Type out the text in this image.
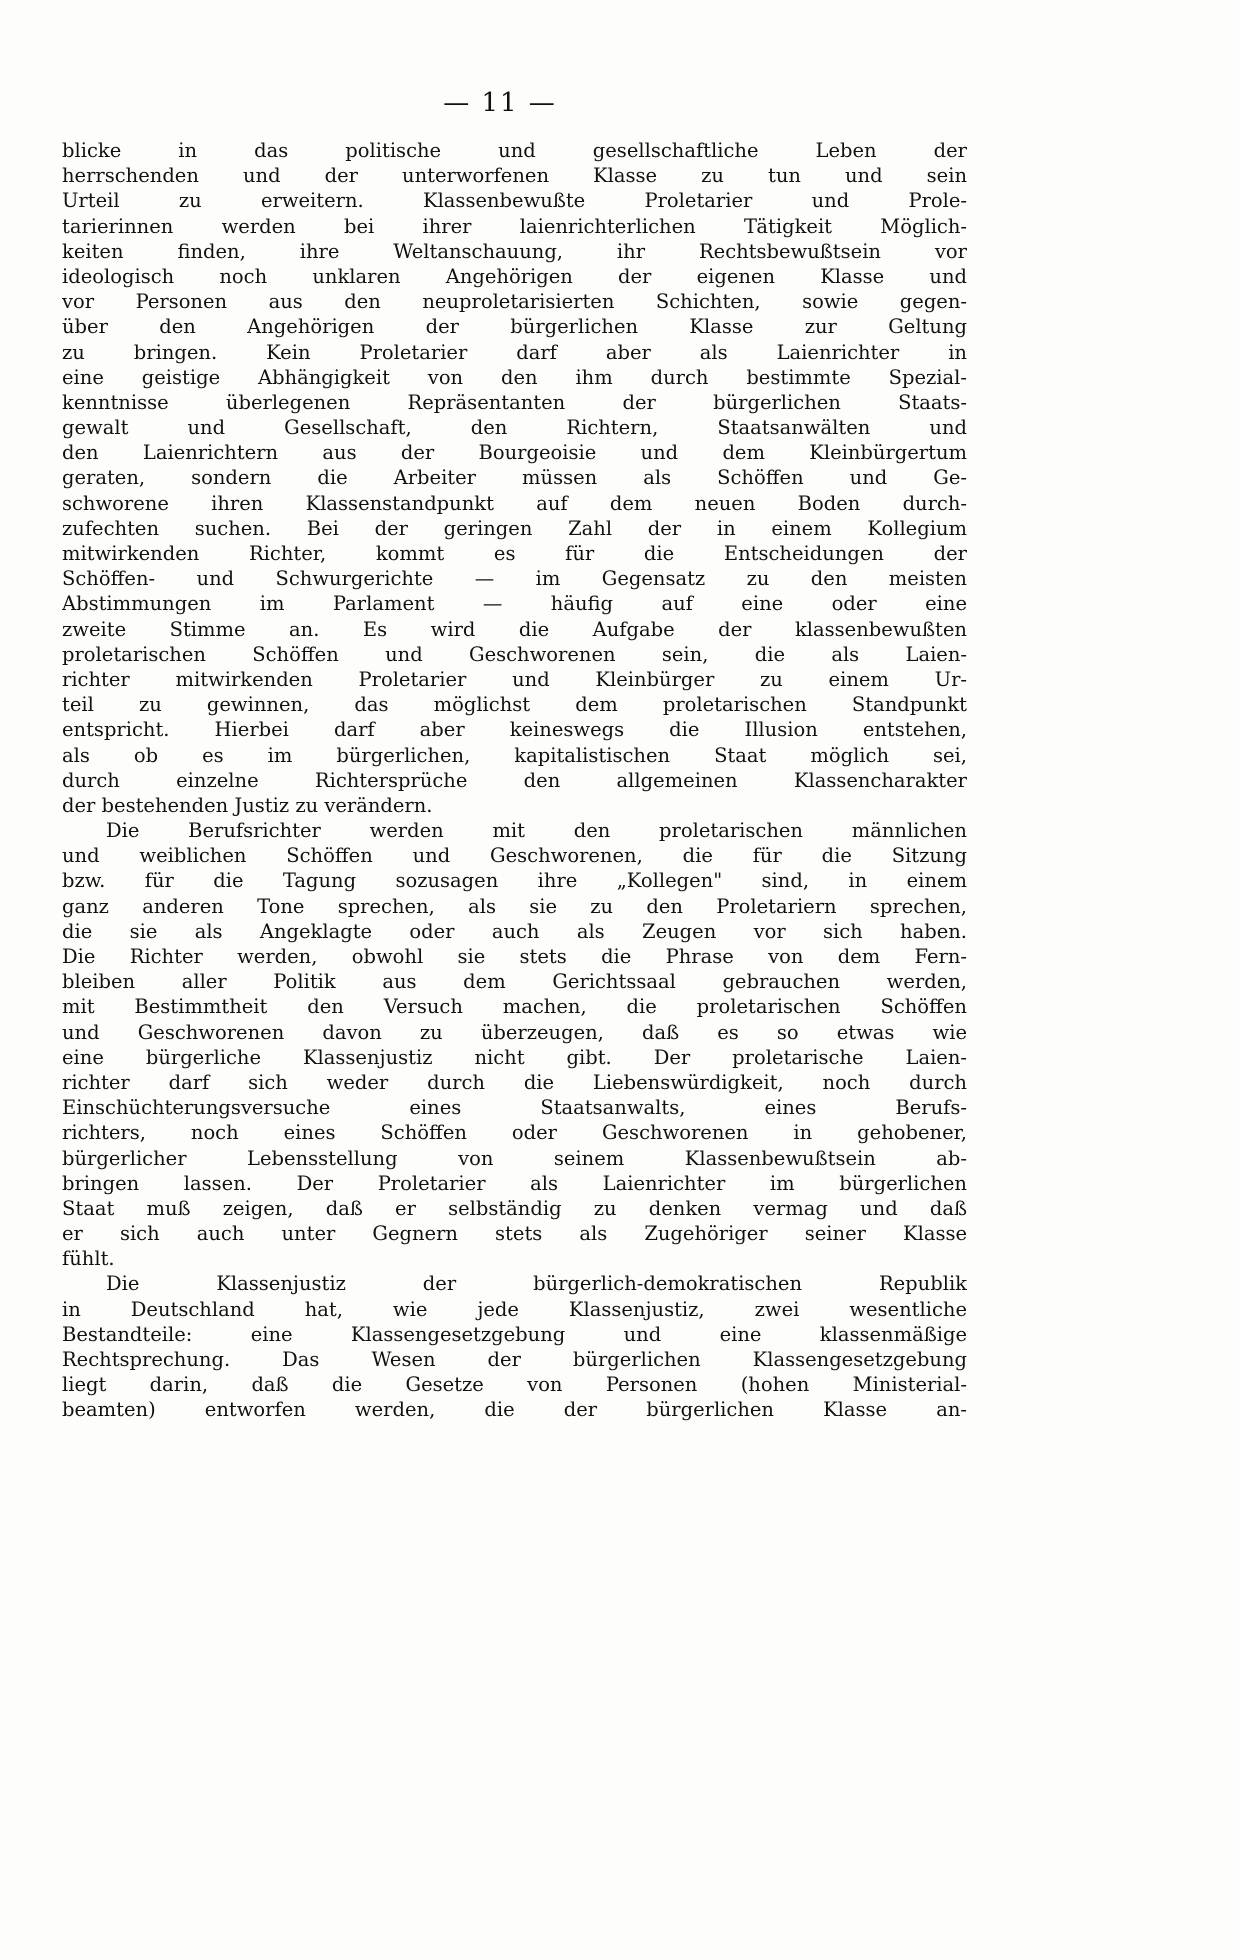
— 11 —
blicke in das politische und gesellschaftliche Leben der
herrschenden und der unterworfenen Klasse zu tun und sein
Urteil zu erweitern. Klassenbewußte Proletarier und Prole-
tarierinnen werden bei ihrer laienrichterlichen Tätigkeit Möglich-
keiten finden, ihre Weltanschauung, ihr Rechtsbewußtsein vor
ideologisch noch unklaren Angehörigen der eigenen Klasse und
vor Personen aus den neuproletarisierten Schichten, sowie gegen-
über den Angehörigen der bürgerlichen Klasse zur Geltung
zu bringen. Kein Proletarier darf aber als Laienrichter in
eine geistige Abhängigkeit von den ihm durch bestimmte Spezial-
kenntnisse überlegenen Repräsentanten der bürgerlichen Staats-
gewalt und Gesellschaft, den Richtern, Staatsanwälten und
den Laienrichtern aus der Bourgeoisie und dem Kleinbürgertum
geraten, sondern die Arbeiter müssen als Schöffen und Ge-
schworene ihren Klassenstandpunkt auf dem neuen Boden durch-
zufechten suchen. Bei der geringen Zahl der in einem Kollegium
mitwirkenden Richter, kommt es für die Entscheidungen der
Schöffen- und Schwurgerichte — im Gegensatz zu den meisten
Abstimmungen im Parlament — häufig auf eine oder eine
zweite Stimme an. Es wird die Aufgabe der klassenbewußten
proletarischen Schöffen und Geschworenen sein, die als Laien-
richter mitwirkenden Proletarier und Kleinbürger zu einem Ur-
teil zu gewinnen, das möglichst dem proletarischen Standpunkt
entspricht. Hierbei darf aber keineswegs die Illusion entstehen,
als ob es im bürgerlichen, kapitalistischen Staat möglich sei,
durch einzelne Richtersprüche den allgemeinen Klassencharakter
der bestehenden Justiz zu verändern.
Die Berufsrichter werden mit den proletarischen männlichen
und weiblichen Schöffen und Geschworenen, die für die Sitzung
bzw. für die Tagung sozusagen ihre „Kollegen" sind, in einem
ganz anderen Tone sprechen, als sie zu den Proletariern sprechen,
die sie als Angeklagte oder auch als Zeugen vor sich haben.
Die Richter werden, obwohl sie stets die Phrase von dem Fern-
bleiben aller Politik aus dem Gerichtssaal gebrauchen werden,
mit Bestimmtheit den Versuch machen, die proletarischen Schöffen
und Geschworenen davon zu überzeugen, daß es so etwas wie
eine bürgerliche Klassenjustiz nicht gibt. Der proletarische Laien-
richter darf sich weder durch die Liebenswürdigkeit, noch durch
Einschüchterungsversuche eines Staatsanwalts, eines Berufs-
richters, noch eines Schöffen oder Geschworenen in gehobener,
bürgerlicher Lebensstellung von seinem Klassenbewußtsein ab-
bringen lassen. Der Proletarier als Laienrichter im bürgerlichen
Staat muß zeigen, daß er selbständig zu denken vermag und daß
er sich auch unter Gegnern stets als Zugehöriger seiner Klasse
fühlt.
Die Klassenjustiz der bürgerlich-demokratischen Republik
in Deutschland hat, wie jede Klassenjustiz, zwei wesentliche
Bestandteile: eine Klassengesetzgebung und eine klassenmäßige
Rechtsprechung. Das Wesen der bürgerlichen Klassengesetzgebung
liegt darin, daß die Gesetze von Personen (hohen Ministerial-
beamten) entworfen werden, die der bürgerlichen Klasse an-
